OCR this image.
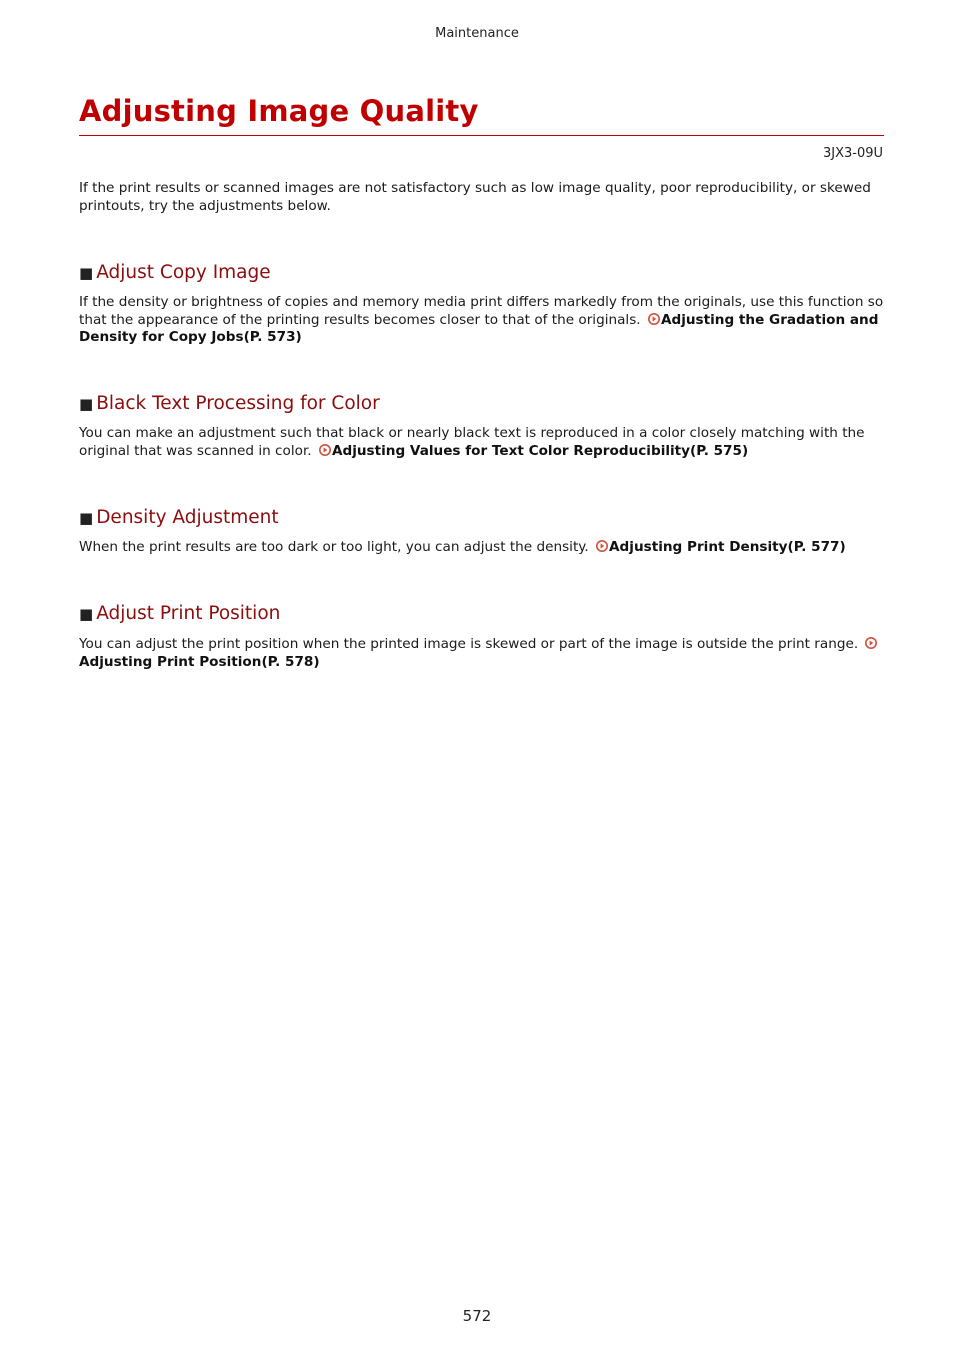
Maintenance
Adjusting Image Quality
3JX3-09U

If the print results or scanned images are not satisfactory such as low image quality, poor reproducibility, or skewed printouts, try the adjustments below.

■ Adjust Copy Image

If the density or brightness of copies and memory media print differs markedly from the originals, use this function so that the appearance of the printing results becomes closer to that of the originals. Adjusting the Gradation and Density for Copy Jobs(P. 573)

■ Black Text Processing for Color

You can make an adjustment such that black or nearly black text is reproduced in a color closely matching with the original that was scanned in color. Adjusting Values for Text Color Reproducibility(P. 575)

■ Density Adjustment

When the print results are too dark or too light, you can adjust the density. Adjusting Print Density(P. 577)

■ Adjust Print Position

You can adjust the print position when the printed image is skewed or part of the image is outside the print range. Adjusting Print Position(P. 578)

572
